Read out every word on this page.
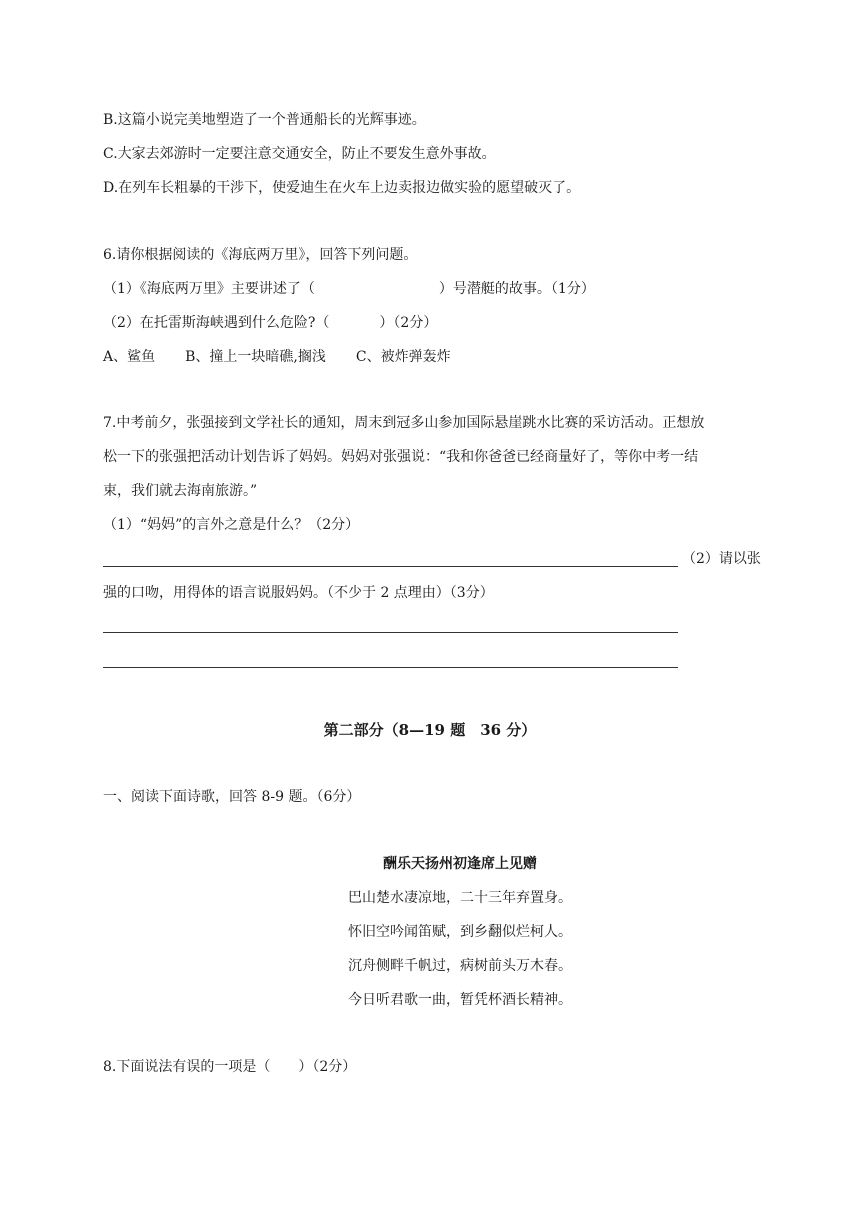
B.这篇小说完美地塑造了一个普通船长的光辉事迹。
C.大家去郊游时一定要注意交通安全，防止不要发生意外事故。
D.在列车长粗暴的干涉下，使爱迪生在火车上边卖报边做实验的愿望破灭了。
6.请你根据阅读的《海底两万里》，回答下列问题。
（1）《海底两万里》主要讲述了（	）号潜艇的故事。（1分）
（2）在托雷斯海峡遇到什么危险?（	）（2分）
A、鲨鱼 B、撞上一块暗礁,搁浅 C、被炸弹轰炸
7.中考前夕，张强接到文学社长的通知，周末到冠多山参加国际悬崖跳水比赛的采访活动。正想放
松一下的张强把活动计划告诉了妈妈。妈妈对张强说：“我和你爸爸已经商量好了，等你中考一结
束，我们就去海南旅游。”
（1）“妈妈”的言外之意是什么？（2分）
（2）请以张
强的口吻，用得体的语言说服妈妈。（不少于 2 点理由）（3分）
第二部分（8—19 题　36 分）
一、阅读下面诗歌，回答 8-9 题。（6分）
酬乐天扬州初逢席上见赠
巴山楚水凄凉地，二十三年弃置身。
怀旧空吟闻笛赋，到乡翻似烂柯人。
沉舟侧畔千帆过，病树前头万木春。
今日听君歌一曲，暂凭杯酒长精神。
8.下面说法有误的一项是（　　）（2分）
